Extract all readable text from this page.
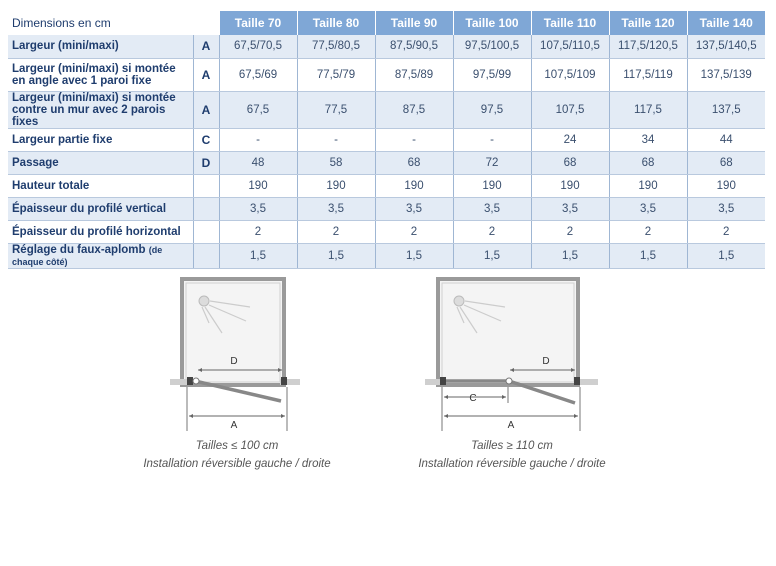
Dimensions en cm		Taille 70	Taille 80	Taille 90	Taille 100	Taille 110	Taille 120	Taille 140
Largeur (mini/maxi)	A	67,5/70,5	77,5/80,5	87,5/90,5	97,5/100,5	107,5/110,5	117,5/120,5	137,5/140,5
Largeur (mini/maxi) si montée
en angle avec 1 paroi fixe	A	67,5/69	77,5/79	87,5/89	97,5/99	107,5/109	117,5/119	137,5/139
Largeur (mini/maxi) si montée
contre un mur avec 2 parois fixes	A	67,5	77,5	87,5	97,5	107,5	117,5	137,5
Largeur partie fixe	C	-	-	-	-	24	34	44
Passage	D	48	58	68	72	68	68	68
Hauteur totale		190	190	190	190	190	190	190
Épaisseur du profilé vertical		3,5	3,5	3,5	3,5	3,5	3,5	3,5
Épaisseur du profilé horizontal		2	2	2	2	2	2	2
Réglage du faux-aplomb (de chaque côté)		1,5	1,5	1,5	1,5	1,5	1,5	1,5
D
A
Tailles ≤ 100 cm
Installation réversible gauche / droite
D
C
A
Tailles ≥ 110 cm
Installation réversible gauche / droite
